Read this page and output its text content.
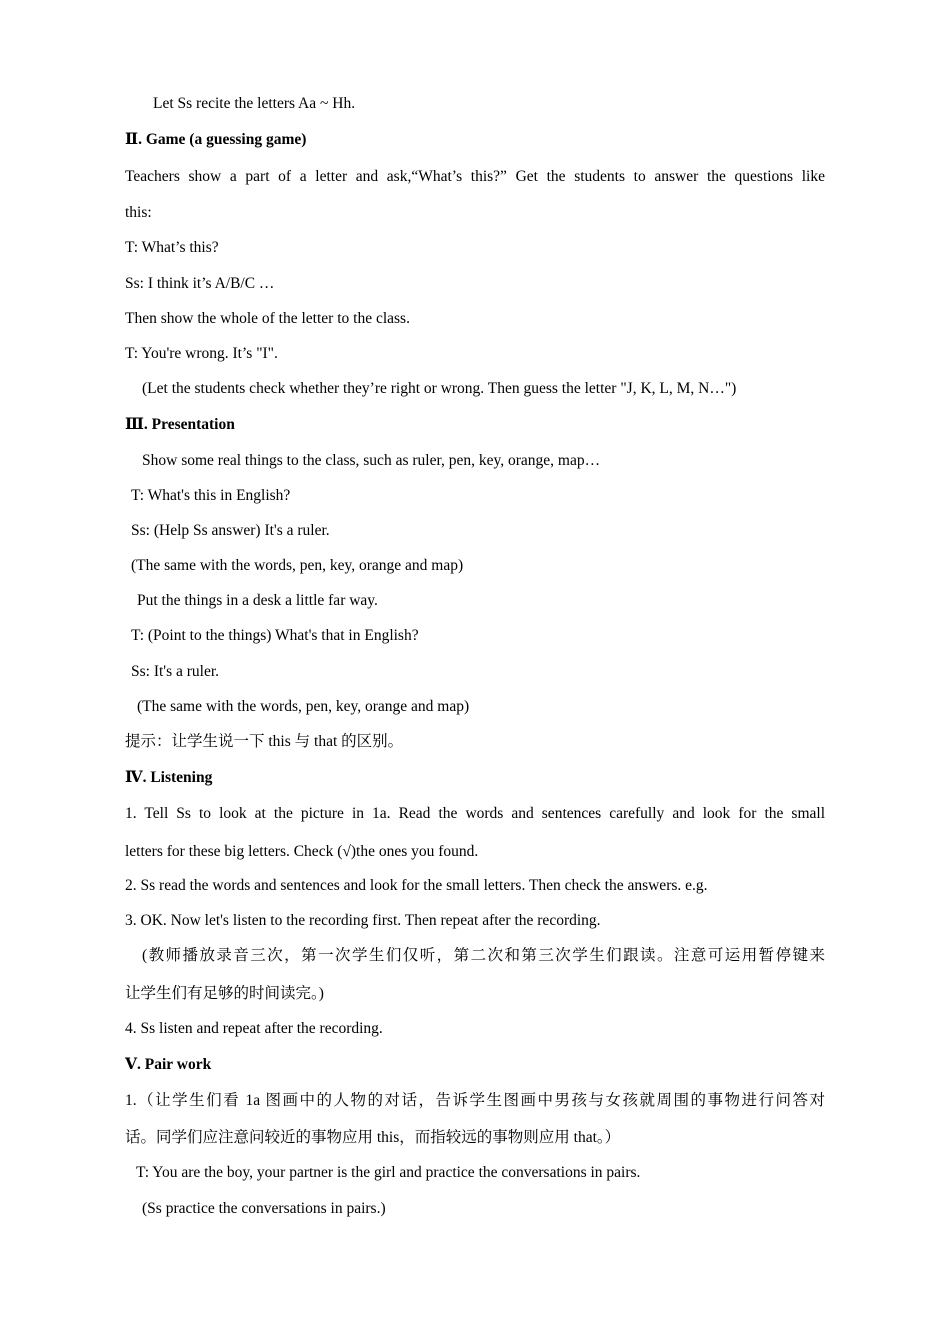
Let Ss recite the letters Aa ~ Hh.
Ⅱ. Game (a guessing game)
Teachers show a part of a letter and ask,“What’s this?” Get the students to answer the questions like
this:
T: What’s this?
Ss: I think it’s A/B/C …
Then show the whole of the letter to the class.
T: You're wrong. It’s "I".
(Let the students check whether they’re right or wrong. Then guess the letter "J, K, L, M, N…")
Ⅲ. Presentation
Show some real things to the class, such as ruler, pen, key, orange, map…
T: What's this in English?
Ss: (Help Ss answer) It's a ruler.
(The same with the words, pen, key, orange and map)
Put the things in a desk a little far way.
T: (Point to the things) What's that in English?
Ss: It's a ruler.
(The same with the words, pen, key, orange and map)
提示：让学生说一下 this 与 that 的区别。
Ⅳ. Listening
1. Tell Ss to look at the picture in 1a. Read the words and sentences carefully and look for the small
letters for these big letters. Check (√)the ones you found.
2. Ss read the words and sentences and look for the small letters. Then check the answers. e.g.
3. OK. Now let's listen to the recording first. Then repeat after the recording.
(教师播放录音三次，第一次学生们仅听，第二次和第三次学生们跟读。注意可运用暂停键来
让学生们有足够的时间读完。)
4. Ss listen and repeat after the recording.
Ⅴ. Pair work
1.（让学生们看 1a 图画中的人物的对话，告诉学生图画中男孩与女孩就周围的事物进行问答对
话。同学们应注意问较近的事物应用 this，而指较远的事物则应用 that。）
T: You are the boy, your partner is the girl and practice the conversations in pairs.
(Ss practice the conversations in pairs.)
